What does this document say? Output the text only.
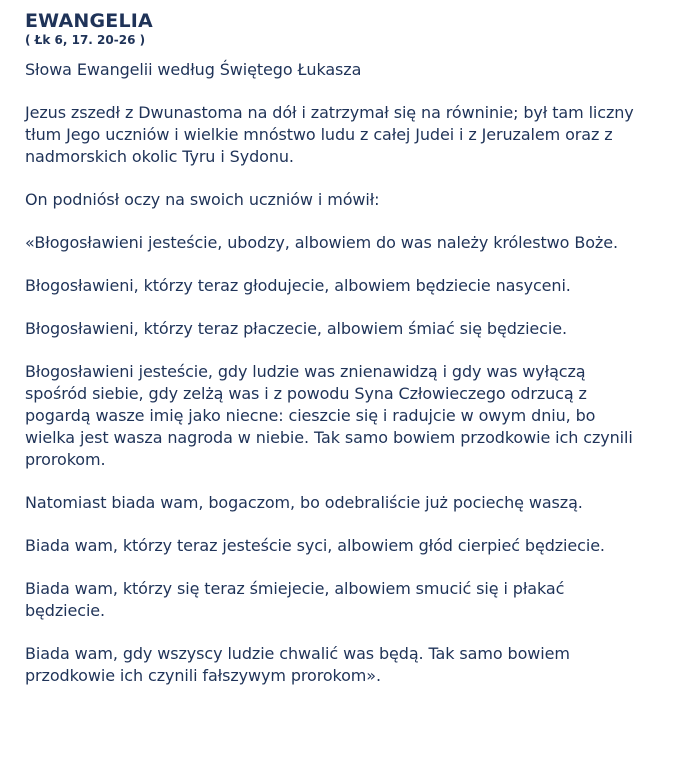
EWANGELIA
( Łk 6, 17. 20-26 )

Słowa Ewangelii według Świętego Łukasza

Jezus zszedł z Dwunastoma na dół i zatrzymał się na równinie; był tam liczny tłum Jego uczniów i wielkie mnóstwo ludu z całej Judei i z Jeruzalem oraz z nadmorskich okolic Tyru i Sydonu.

On podniósł oczy na swoich uczniów i mówił:

«Błogosławieni jesteście, ubodzy, albowiem do was należy królestwo Boże.

Błogosławieni, którzy teraz głodujecie, albowiem będziecie nasyceni.

Błogosławieni, którzy teraz płaczecie, albowiem śmiać się będziecie.

Błogosławieni jesteście, gdy ludzie was znienawidzą i gdy was wyłączą spośród siebie, gdy zelżą was i z powodu Syna Człowieczego odrzucą z pogardą wasze imię jako niecne: cieszcie się i radujcie w owym dniu, bo wielka jest wasza nagroda w niebie. Tak samo bowiem przodkowie ich czynili prorokom.

Natomiast biada wam, bogaczom, bo odebraliście już pociechę waszą.

Biada wam, którzy teraz jesteście syci, albowiem głód cierpieć będziecie.

Biada wam, którzy się teraz śmiejecie, albowiem smucić się i płakać będziecie.

Biada wam, gdy wszyscy ludzie chwalić was będą. Tak samo bowiem przodkowie ich czynili fałszywym prorokom».
